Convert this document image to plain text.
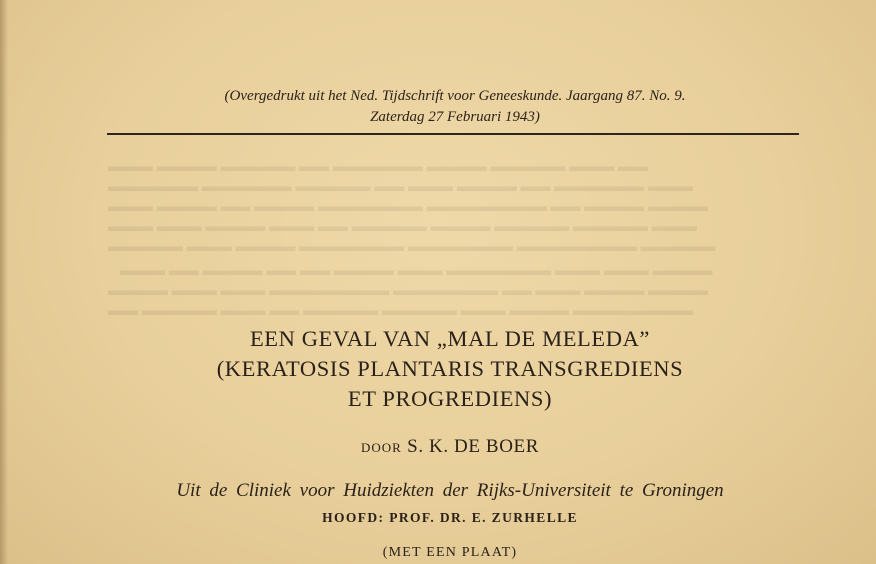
▬▬▬ ▬▬▬▬ ▬▬▬▬▬ ▬▬ ▬▬▬▬▬▬ ▬▬▬▬ ▬▬▬▬▬ ▬▬▬ ▬▬
▬▬▬▬▬▬ ▬▬▬▬▬▬ ▬▬▬▬▬ ▬▬ ▬▬▬ ▬▬▬▬ ▬▬ ▬▬▬▬▬▬ ▬▬▬
▬▬▬ ▬▬▬▬ ▬▬ ▬▬▬▬ ▬▬▬▬▬▬▬ ▬▬▬▬▬▬▬▬ ▬▬ ▬▬▬▬ ▬▬▬▬
▬▬▬ ▬▬▬ ▬▬▬▬ ▬▬▬ ▬▬ ▬▬▬▬▬ ▬▬▬▬ ▬▬▬▬▬ ▬▬▬▬▬ ▬▬▬
▬▬▬▬▬ ▬▬▬ ▬▬▬▬ ▬▬▬▬▬▬▬ ▬▬▬▬▬▬▬ ▬▬▬▬▬▬▬▬ ▬▬▬▬▬
▬▬▬ ▬▬ ▬▬▬▬ ▬▬ ▬▬ ▬▬▬▬ ▬▬▬ ▬▬▬▬▬▬▬ ▬▬▬ ▬▬▬ ▬▬▬▬
▬▬▬▬ ▬▬▬ ▬▬▬ ▬▬▬▬▬▬▬▬ ▬▬▬▬▬▬▬ ▬▬ ▬▬▬ ▬▬▬▬ ▬▬▬▬
▬▬ ▬▬▬▬▬ ▬▬▬ ▬▬ ▬▬▬▬▬ ▬▬▬▬▬ ▬▬▬ ▬▬▬▬ ▬▬▬▬▬▬▬▬
(Overgedrukt uit het Ned. Tijdschrift voor Geneeskunde. Jaargang 87. No. 9.
Zaterdag 27 Februari 1943)
EEN GEVAL VAN „MAL DE MELEDA”
(KERATOSIS PLANTARIS TRANSGREDIENS
ET PROGREDIENS)
DOOR S. K. DE BOER
Uit de Cliniek voor Huidziekten der Rijks-Universiteit te Groningen
HOOFD: PROF. DR. E. ZURHELLE
(MET EEN PLAAT)
